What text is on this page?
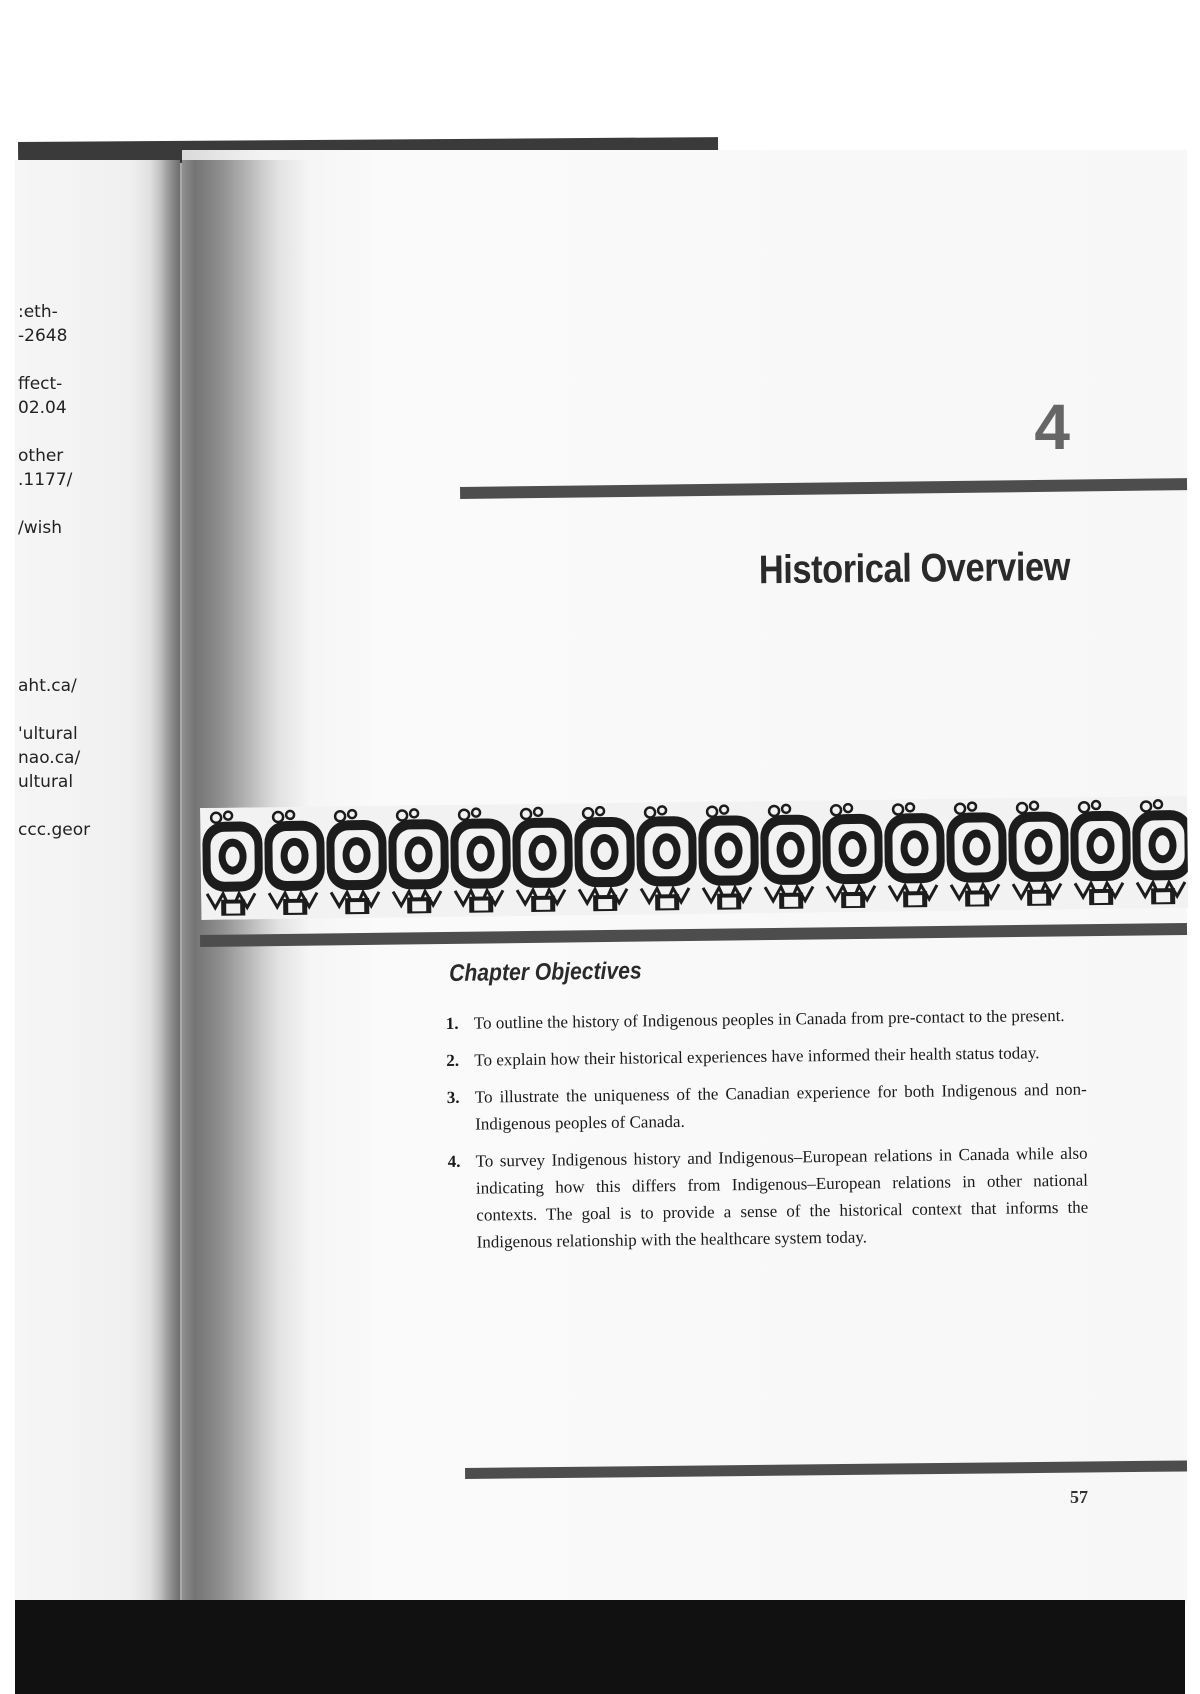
:eth-
-2648
ffect-
02.04
other
.1177/
/wish
aht.ca/
'ultural
nao.ca/
ultural
ccc.geor
4
Historical Overview
Chapter Objectives
1. To outline the history of Indigenous peoples in Canada from pre-contact to the present.
2. To explain how their historical experiences have informed their health status today.
3. To illustrate the uniqueness of the Canadian experience for both Indigenous and non-Indigenous peoples of Canada.
4. To survey Indigenous history and Indigenous–European relations in Canada while also indicating how this differs from Indigenous–European relations in other national contexts. The goal is to provide a sense of the historical context that informs the Indigenous relationship with the healthcare system today.
57
